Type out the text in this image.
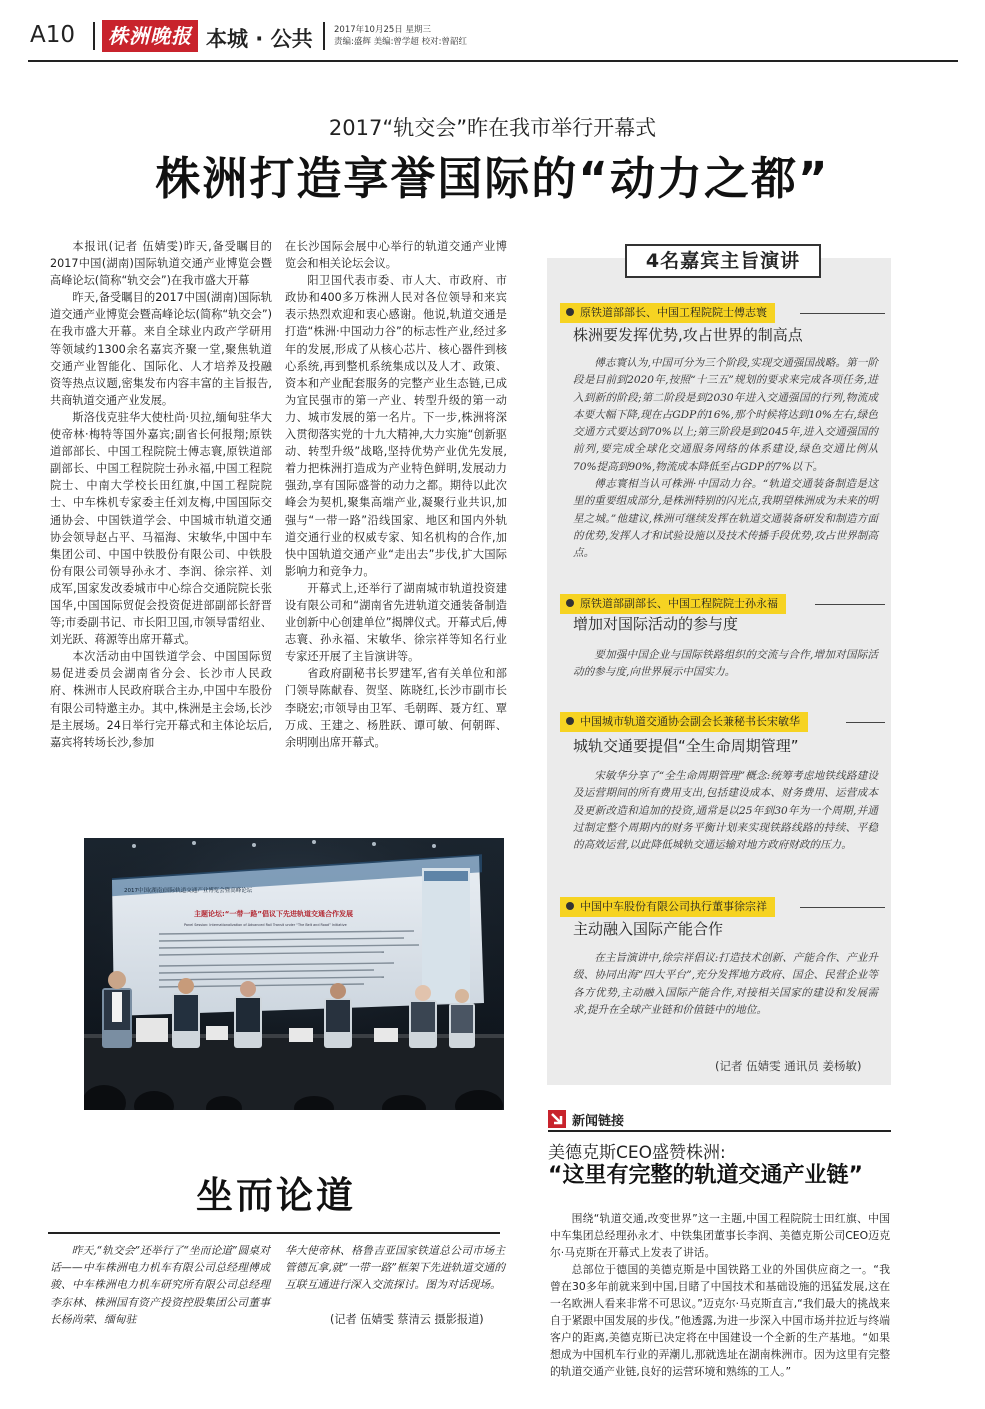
A10	株洲晚报 本城 · 公共	2017年10月25日 星期三
责编:盛辉 美编:曾学超 校对:曾韶红
2017“轨交会”昨在我市举行开幕式
株洲打造享誉国际的“动力之都”

本报讯(记者 伍婧雯)昨天,备受瞩目的2017中国(湖南)国际轨道交通产业博览会暨高峰论坛(简称“轨交会”)在我市盛大开幕

昨天,备受瞩目的2017中国(湖南)国际轨道交通产业博览会暨高峰论坛(简称“轨交会”)在我市盛大开幕。来自全球业内政产学研用等领域约1300余名嘉宾齐聚一堂,聚焦轨道交通产业智能化、国际化、人才培养及投融资等热点议题,密集发布内容丰富的主旨报告,共商轨道交通产业发展。

斯洛伐克驻华大使杜尚·贝拉,缅甸驻华大使帝林·梅特等国外嘉宾;副省长何报翔;原铁道部部长、中国工程院院士傅志寰,原铁道部副部长、中国工程院院士孙永福,中国工程院院士、中南大学校长田红旗,中国工程院院士、中车株机专家委主任刘友梅,中国国际交通协会、中国铁道学会、中国城市轨道交通协会领导赵占平、马福海、宋敏华,中国中车集团公司、中国中铁股份有限公司、中铁股份有限公司领导孙永才、李润、徐宗祥、刘成军,国家发改委城市中心综合交通院院长张国华,中国国际贸促会投资促进部副部长舒晋等;市委副书记、市长阳卫国,市领导雷绍业、刘光跃、蒋源等出席开幕式。

本次活动由中国铁道学会、中国国际贸易促进委员会湖南省分会、长沙市人民政府、株洲市人民政府联合主办,中国中车股份有限公司特邀主办。其中,株洲是主会场,长沙是主展场。24日举行完开幕式和主体论坛后,嘉宾将转场长沙,参加

在长沙国际会展中心举行的轨道交通产业博览会和相关论坛会议。

阳卫国代表市委、市人大、市政府、市政协和400多万株洲人民对各位领导和来宾表示热烈欢迎和衷心感谢。他说,轨道交通是打造“株洲·中国动力谷”的标志性产业,经过多年的发展,形成了从核心芯片、核心器件到核心系统,再到整机系统集成以及人才、政策、资本和产业配套服务的完整产业生态链,已成为宜民强市的第一产业、转型升级的第一动力、城市发展的第一名片。下一步,株洲将深入贯彻落实党的十九大精神,大力实施“创新驱动、转型升级”战略,坚持优势产业优先发展,着力把株洲打造成为产业特色鲜明,发展动力强劲,享有国际盛誉的动力之都。期待以此次峰会为契机,聚集高端产业,凝聚行业共识,加强与“一带一路”沿线国家、地区和国内外轨道交通行业的权威专家、知名机构的合作,加快中国轨道交通产业“走出去”步伐,扩大国际影响力和竞争力。

开幕式上,还举行了湖南城市轨道投资建设有限公司和“湖南省先进轨道交通装备制造业创新中心创建单位”揭牌仪式。开幕式后,傅志寰、孙永福、宋敏华、徐宗祥等知名行业专家还开展了主旨演讲等。

省政府副秘书长罗建军,省有关单位和部门领导陈献春、贺坚、陈晓红,长沙市副市长李晓宏;市领导由卫军、毛朝晖、聂方红、覃万成、王建之、杨胜跃、谭可敏、何朝晖、余明刚出席开幕式。

4名嘉宾主旨演讲
原铁道部部长、中国工程院院士傅志寰
株洲要发挥优势,攻占世界的制高点

傅志寰认为,中国可分为三个阶段,实现交通强国战略。第一阶段是目前到2020年,按照“十三五”规划的要求来完成各项任务,进入到新的阶段;第二阶段是到2030年进入交通强国的行列,物流成本要大幅下降,现在占GDP的16%,那个时候将达到10%左右,绿色交通方式要达到70%以上;第三阶段是到2045年,进入交通强国的前列,要完成全球化交通服务网络的体系建设,绿色交通比例从70%提高到90%,物流成本降低至占GDP的7%以下。

傅志寰相当认可株洲·中国动力谷。“轨道交通装备制造是这里的重要组成部分,是株洲特别的闪光点,我期望株洲成为未来的明星之城。”他建议,株洲可继续发挥在轨道交通装备研发和制造方面的优势,发挥人才和试验设施以及技术传播手段优势,攻占世界制高点。

原铁道部副部长、中国工程院院士孙永福
增加对国际活动的参与度

要加强中国企业与国际铁路组织的交流与合作,增加对国际活动的参与度,向世界展示中国实力。

中国城市轨道交通协会副会长兼秘书长宋敏华
城轨交通要提倡“全生命周期管理”

宋敏华分享了“全生命周期管理”概念:统筹考虑地铁线路建设及运营期间的所有费用支出,包括建设成本、财务费用、运营成本及更新改造和追加的投资,通常是以25年到30年为一个周期,并通过制定整个周期内的财务平衡计划来实现铁路线路的持续、平稳的高效运营,以此降低城轨交通运输对地方政府财政的压力。

中国中车股份有限公司执行董事徐宗祥
主动融入国际产能合作

在主旨演讲中,徐宗祥倡议:打造技术创新、产能合作、产业升级、协同出海“四大平台”,充分发挥地方政府、国企、民营企业等各方优势,主动融入国际产能合作,对接相关国家的建设和发展需求,提升在全球产业链和价值链中的地位。

(记者 伍婧雯 通讯员 姜杨敏)
2017中国(湖南)国际轨道交通产业博览会暨高峰论坛
主题论坛:“一带一路”倡议下先进轨道交通合作发展
Panel Session: Internationalization of Advanced Rail Transit under “The Belt and Road” Initiative
坐而论道

昨天,“轨交会”还举行了“坐而论道”圆桌对话——中车株洲电力机车有限公司总经理傅成骏、中车株洲电力机车研究所有限公司总经理李东林、株洲国有资产投资控股集团公司董事长杨尚荣、缅甸驻

华大使帝林、格鲁吉亚国家铁道总公司市场主管德瓦拿,就“一带一路”框架下先进轨道交通的互联互通进行深入交流探讨。图为对话现场。

(记者 伍婧雯 蔡清云 摄影报道)
新闻链接
美德克斯CEO盛赞株洲:
“这里有完整的轨道交通产业链”

围绕“轨道交通,改变世界”这一主题,中国工程院院士田红旗、中国中车集团总经理孙永才、中铁集团董事长李润、美德克斯公司CEO迈克尔·马克斯在开幕式上发表了讲话。

总部位于德国的美德克斯是中国铁路工业的外国供应商之一。“我曾在30多年前就来到中国,目睹了中国技术和基础设施的迅猛发展,这在一名欧洲人看来非常不可思议。”迈克尔·马克斯直言,“我们最大的挑战来自于紧跟中国发展的步伐。”他透露,为进一步深入中国市场并拉近与终端客户的距离,美德克斯已决定将在中国建设一个全新的生产基地。“如果想成为中国机车行业的弄潮儿,那就选址在湖南株洲市。因为这里有完整的轨道交通产业链,良好的运营环境和熟练的工人。”
